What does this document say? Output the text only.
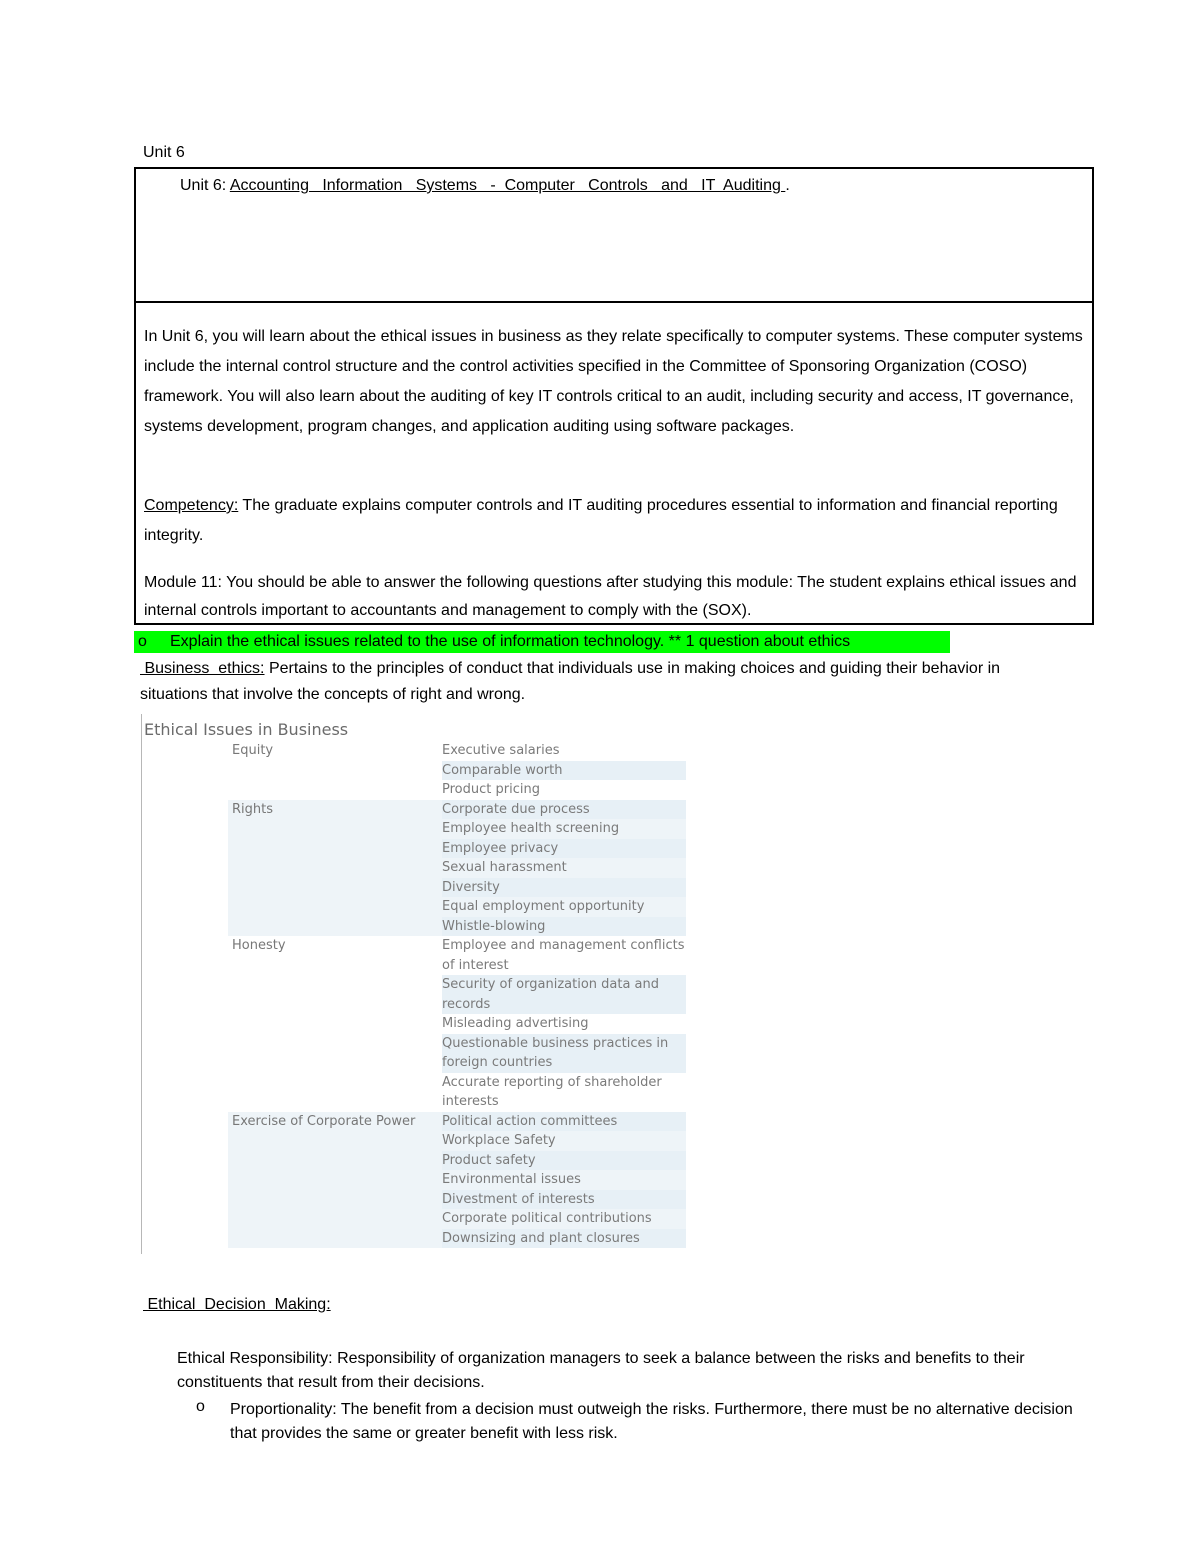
Unit 6
Unit 6: Accounting   Information   Systems   -  Computer   Controls   and   IT  Auditing .
In Unit 6, you will learn about the ethical issues in business as they relate specifically to computer systems. These computer systems include the internal control structure and the control activities specified in the Committee of Sponsoring Organization (COSO) framework. You will also learn about the auditing of key IT controls critical to an audit, including security and access, IT governance, systems development, program changes, and application auditing using software packages.
Competency: The graduate explains computer controls and IT auditing procedures essential to information and financial reporting integrity.
Module 11: You should be able to answer the following questions after studying this module: The student explains ethical issues and internal controls important to accountants and management to comply with the (SOX).
o Explain the ethical issues related to the use of information technology. ** 1 question about ethics
Business  ethics: Pertains to the principles of conduct that individuals use in making choices and guiding their behavior in situations that involve the concepts of right and wrong.
Ethical Issues in Business
Equity	Executive salaries
Comparable worth
Product pricing
Rights	Corporate due process
Employee health screening
Employee privacy
Sexual harassment
Diversity
Equal employment opportunity
Whistle-blowing
Honesty	Employee and management conflicts of interest
Security of organization data and records
Misleading advertising
Questionable business practices in foreign countries
Accurate reporting of shareholder interests
Exercise of Corporate Power	Political action committees
Workplace Safety
Product safety
Environmental issues
Divestment of interests
Corporate political contributions
Downsizing and plant closures
Ethical  Decision  Making:
Ethical Responsibility: Responsibility of organization managers to seek a balance between the risks and benefits to their constituents that result from their decisions.
o Proportionality: The benefit from a decision must outweigh the risks. Furthermore, there must be no alternative decision that provides the same or greater benefit with less risk.
